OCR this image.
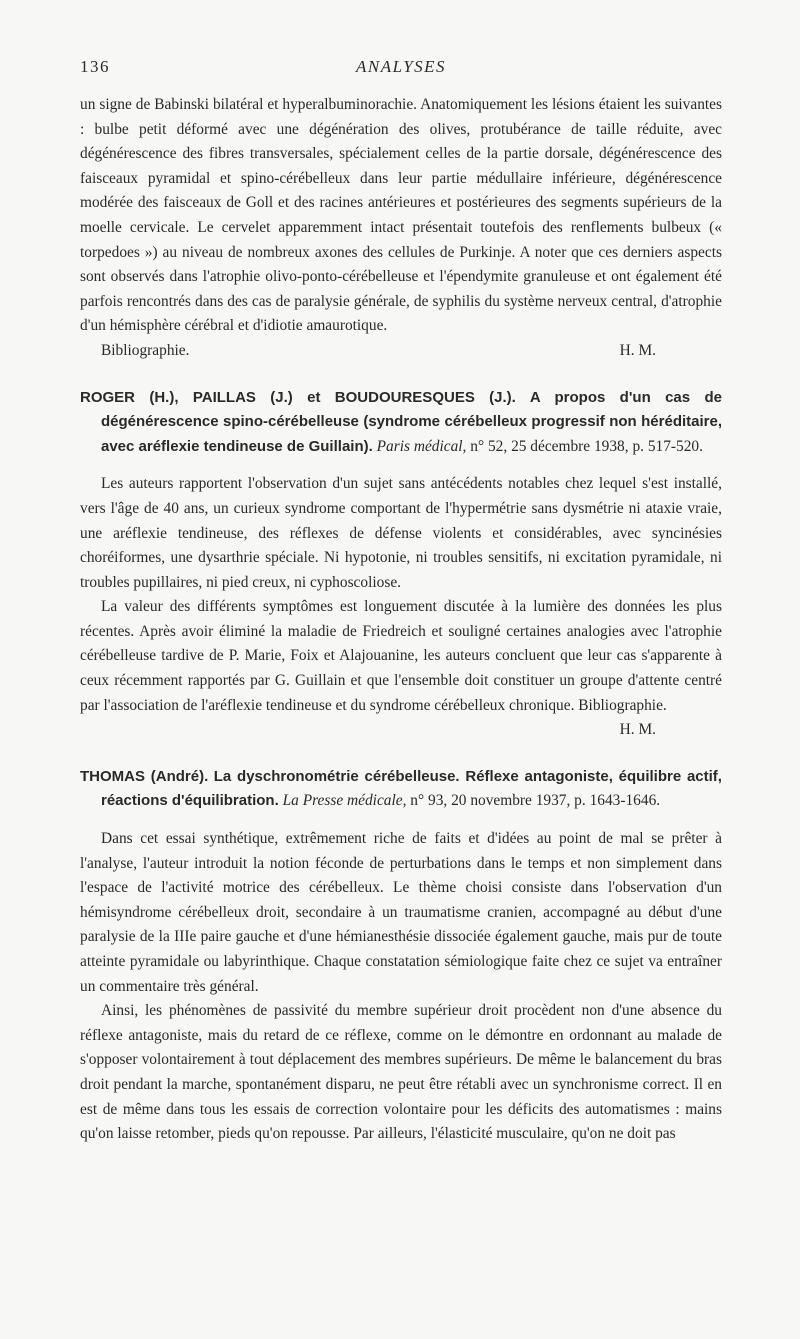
136	ANALYSES

un signe de Babinski bilatéral et hyperalbuminorachie. Anatomiquement les lésions étaient les suivantes : bulbe petit déformé avec une dégénération des olives, protubérance de taille réduite, avec dégénérescence des fibres transversales, spécialement celles de la partie dorsale, dégénérescence des faisceaux pyramidal et spino-cérébelleux dans leur partie médullaire inférieure, dégénérescence modérée des faisceaux de Goll et des racines antérieures et postérieures des segments supérieurs de la moelle cervicale. Le cervelet apparemment intact présentait toutefois des renflements bulbeux (« torpedoes ») au niveau de nombreux axones des cellules de Purkinje. A noter que ces derniers aspects sont observés dans l'atrophie olivo-ponto-cérébelleuse et l'épendymite granuleuse et ont également été parfois rencontrés dans des cas de paralysie générale, de syphilis du système nerveux central, d'atrophie d'un hémisphère cérébral et d'idiotie amaurotique.

Bibliographie.	H. M.

ROGER (H.), PAILLAS (J.) et BOUDOURESQUES (J.). A propos d'un cas de dégénérescence spino-cérébelleuse (syndrome cérébelleux progressif non héréditaire, avec aréflexie tendineuse de Guillain). Paris médical, n° 52, 25 décembre 1938, p. 517-520.

Les auteurs rapportent l'observation d'un sujet sans antécédents notables chez lequel s'est installé, vers l'âge de 40 ans, un curieux syndrome comportant de l'hypermétrie sans dysmétrie ni ataxie vraie, une aréflexie tendineuse, des réflexes de défense violents et considérables, avec syncinésies choréiformes, une dysarthrie spéciale. Ni hypotonie, ni troubles sensitifs, ni excitation pyramidale, ni troubles pupillaires, ni pied creux, ni cyphoscoliose.

La valeur des différents symptômes est longuement discutée à la lumière des données les plus récentes. Après avoir éliminé la maladie de Friedreich et souligné certaines analogies avec l'atrophie cérébelleuse tardive de P. Marie, Foix et Alajouanine, les auteurs concluent que leur cas s'apparente à ceux récemment rapportés par G. Guillain et que l'ensemble doit constituer un groupe d'attente centré par l'association de l'aréflexie tendineuse et du syndrome cérébelleux chronique. Bibliographie.

H. M.

THOMAS (André). La dyschronométrie cérébelleuse. Réflexe antagoniste, équilibre actif, réactions d'équilibration. La Presse médicale, n° 93, 20 novembre 1937, p. 1643-1646.

Dans cet essai synthétique, extrêmement riche de faits et d'idées au point de mal se prêter à l'analyse, l'auteur introduit la notion féconde de perturbations dans le temps et non simplement dans l'espace de l'activité motrice des cérébelleux. Le thème choisi consiste dans l'observation d'un hémisyndrome cérébelleux droit, secondaire à un traumatisme cranien, accompagné au début d'une paralysie de la IIIe paire gauche et d'une hémianesthésie dissociée également gauche, mais pur de toute atteinte pyramidale ou labyrinthique. Chaque constatation sémiologique faite chez ce sujet va entraîner un commentaire très général.

Ainsi, les phénomènes de passivité du membre supérieur droit procèdent non d'une absence du réflexe antagoniste, mais du retard de ce réflexe, comme on le démontre en ordonnant au malade de s'opposer volontairement à tout déplacement des membres supérieurs. De même le balancement du bras droit pendant la marche, spontanément disparu, ne peut être rétabli avec un synchronisme correct. Il en est de même dans tous les essais de correction volontaire pour les déficits des automatismes : mains qu'on laisse retomber, pieds qu'on repousse. Par ailleurs, l'élasticité musculaire, qu'on ne doit pas
